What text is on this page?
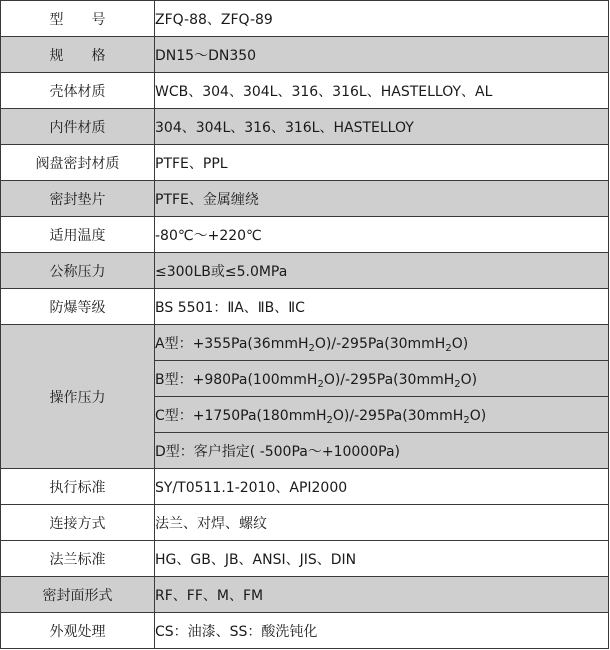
型　　号	ZFQ-88、ZFQ-89
规　　格	DN15～DN350
壳体材质	WCB、304、304L、316、316L、HASTELLOY、AL
内件材质	304、304L、316、316L、HASTELLOY
阀盘密封材质	PTFE、PPL
密封垫片	PTFE、金属缠绕
适用温度	-80℃～+220℃
公称压力	≤300LB或≤5.0MPa
防爆等级	BS 5501：ⅡA、ⅡB、ⅡC
操作压力	A型：+355Pa(36mmH$_2$O)/-295Pa(30mmH$_2$O)
	B型：+980Pa(100mmH$_2$O)/-295Pa(30mmH$_2$O)
	C型：+1750Pa(180mmH$_2$O)/-295Pa(30mmH$_2$O)
	D型：客户指定( -500Pa～+10000Pa)
执行标准	SY/T0511.1-2010、API2000
连接方式	法兰、对焊、螺纹
法兰标准	HG、GB、JB、ANSI、JIS、DIN
密封面形式	RF、FF、M、FM
外观处理	CS：油漆、SS：酸洗钝化
